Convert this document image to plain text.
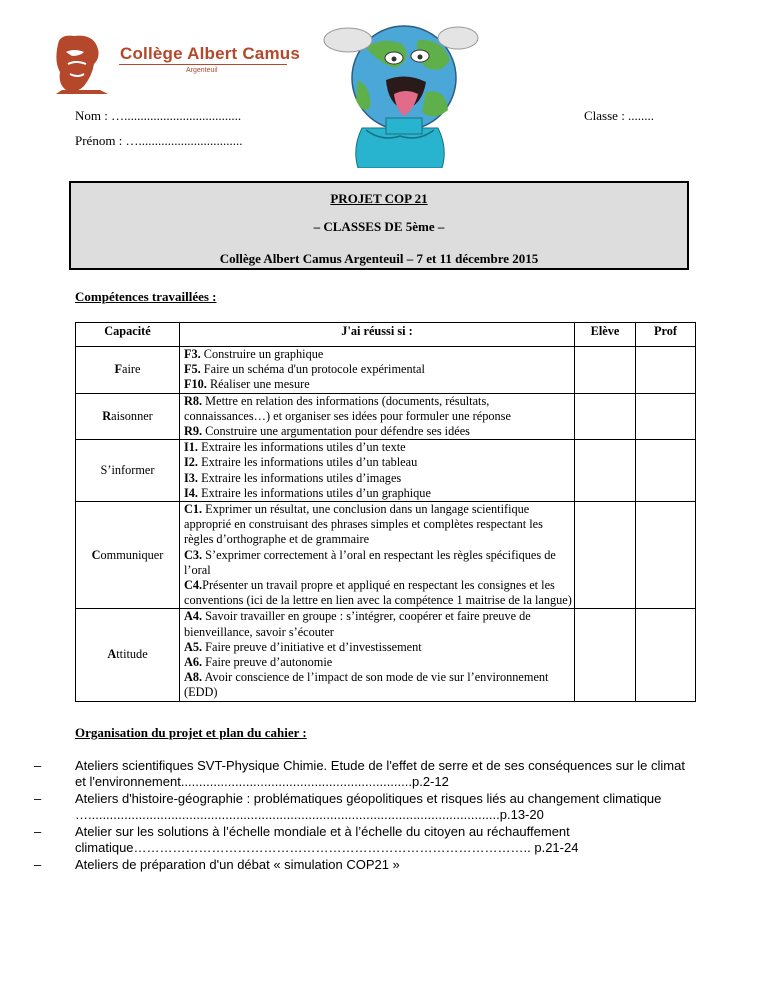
Collège Albert Camus
Argenteuil
Nom : …....................................	Classe : ........
Prénom : …................................
PROJET COP 21
– CLASSES DE 5ème –
Collège Albert Camus Argenteuil – 7 et 11 décembre 2015
Compétences travaillées :
Capacité	J'ai réussi si :	Elève	Prof
Faire	F3. Construire un graphique
F5. Faire un schéma d'un protocole expérimental
F10. Réaliser une mesure		

Raisonner	R8. Mettre en relation des informations (documents, résultats, connaissances…) et organiser ses idées pour formuler une réponse
R9. Construire une argumentation pour défendre ses idées		

S’informer	I1. Extraire les informations utiles d’un texte
I2. Extraire les informations utiles d’un tableau
I3. Extraire les informations utiles d’images
I4. Extraire les informations utiles d’un graphique		

Communiquer	C1. Exprimer un résultat, une conclusion dans un langage scientifique approprié en construisant des phrases simples et complètes respectant les règles d’orthographe et de grammaire
C3. S’exprimer correctement à l’oral en respectant les règles spécifiques de l’oral
C4.Présenter un travail propre et appliqué en respectant les consignes et les conventions (ici de la lettre en lien avec la compétence 1 maitrise de la langue)		

Attitude	A4. Savoir travailler en groupe : s’intégrer, coopérer et faire preuve de bienveillance, savoir s’écouter
A5. Faire preuve d’initiative et d’investissement
A6. Faire preuve d’autonomie
A8. Avoir conscience de l’impact de son mode de vie sur l’environnement (EDD)		

Organisation du projet et plan du cahier :
–	Ateliers scientifiques SVT-Physique Chimie. Etude de l'effet de serre et de ses conséquences sur le climat et l'environnement................................................................p.2-12
–	Ateliers d'histoire-géographie : problématiques géopolitiques et risques liés au changement climatique …..................................................................................................................p.13-20
–	Atelier sur les solutions à l’échelle mondiale et à l’échelle du citoyen au réchauffement climatique……………………………………………………………………………….. p.21-24
–	Ateliers de préparation d'un débat « simulation COP21 »
